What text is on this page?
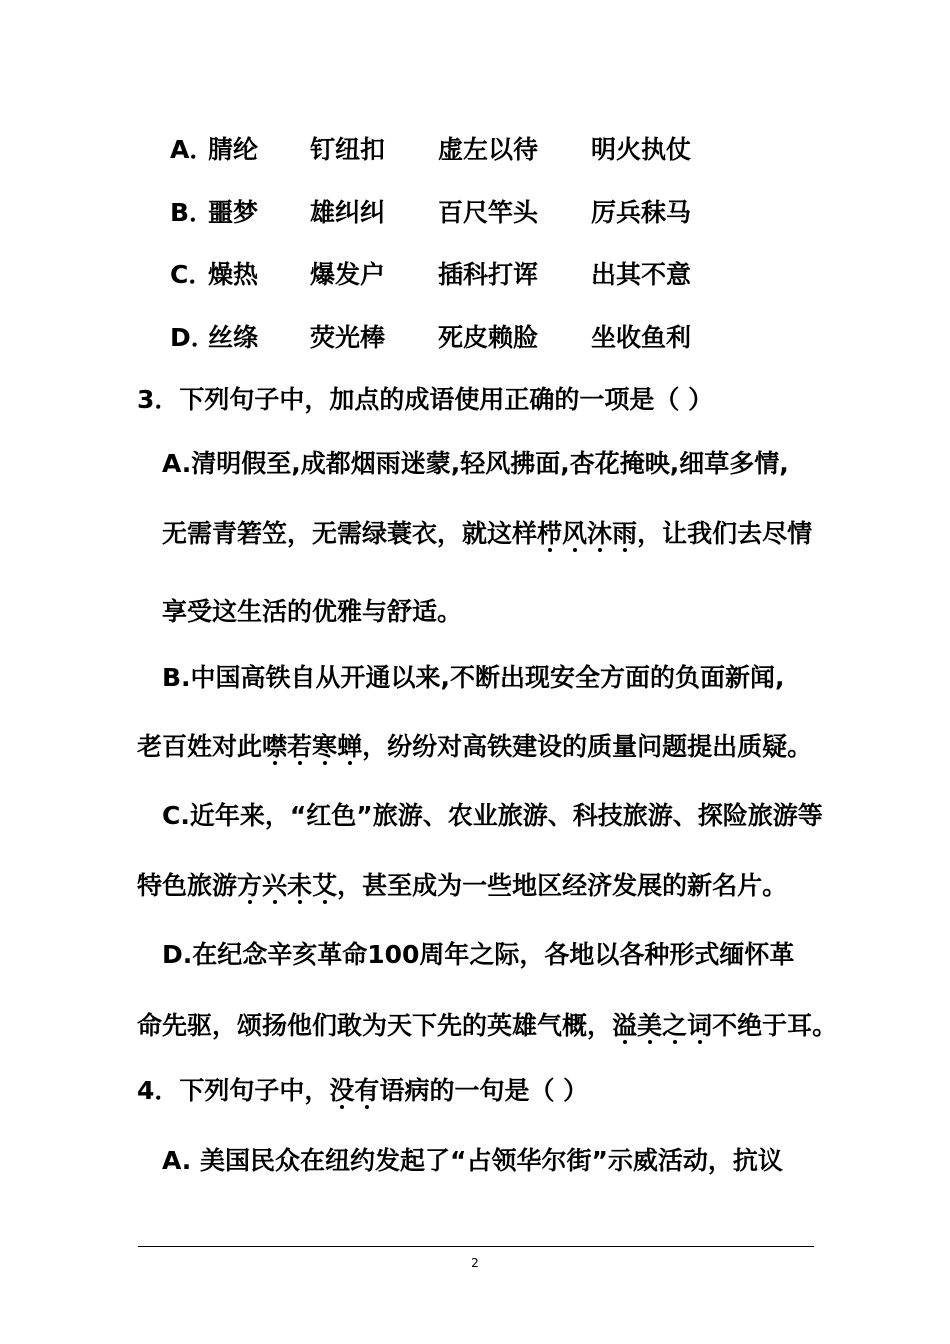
A．
腈纶 钉纽扣 虚左以待 明火执仗
B．
噩梦 雄纠纠 百尺竿头 厉兵秣马
C．
燥热 爆发户 插科打诨 出其不意
D．
丝绦 荧光棒 死皮赖脸 坐收鱼利
3．下列句子中，加点的成语使用正确的一项是（ ）
A.清明假至,成都烟雨迷蒙,轻风拂面,杏花掩映,细草多情,
无需青箬笠，无需绿蓑衣，就这样栉风沐雨，让我们去尽情
享受这生活的优雅与舒适。
B.中国高铁自从开通以来,不断出现安全方面的负面新闻,
老百姓对此噤若寒蝉，纷纷对高铁建设的质量问题提出质疑。
C.近年来，“红色”旅游、农业旅游、科技旅游、探险旅游等
特色旅游方兴未艾，甚至成为一些地区经济发展的新名片。
D.在纪念辛亥革命100周年之际，各地以各种形式缅怀革
命先驱，颂扬他们敢为天下先的英雄气概，溢美之词不绝于耳。
4．下列句子中，没有语病的一句是（ ）
A. 美国民众在纽约发起了“占领华尔街”示威活动，抗议
2
